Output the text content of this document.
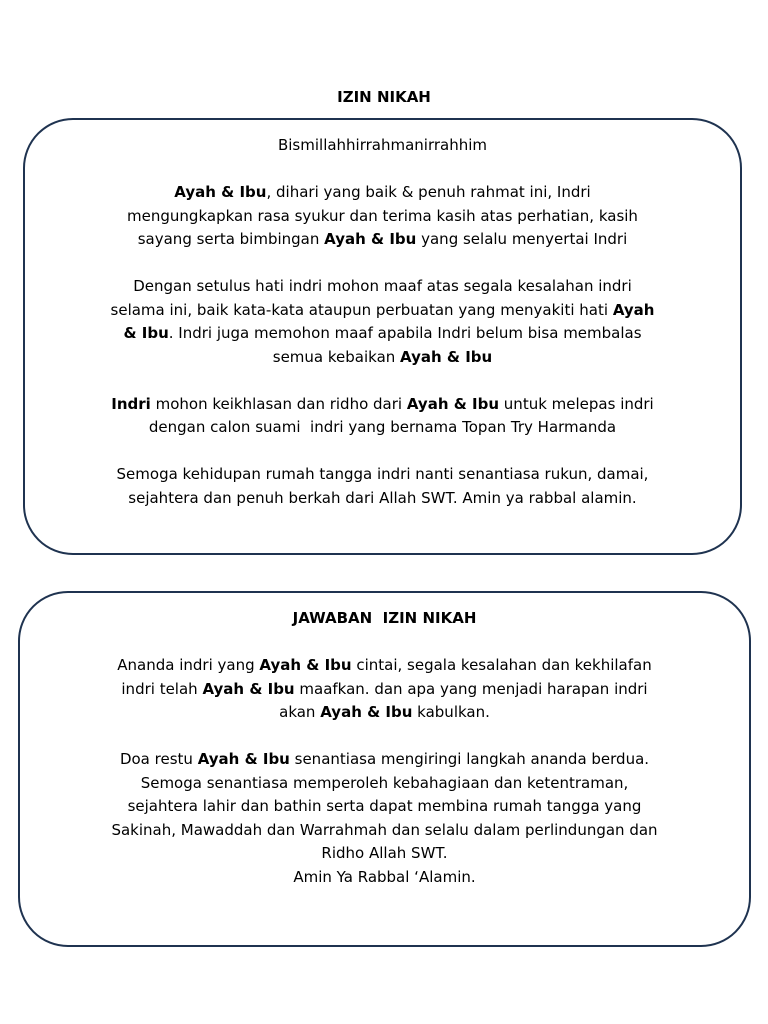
IZIN NIKAH

Bismillahhirrahmanirrahhim

Ayah & Ibu, dihari yang baik & penuh rahmat ini, Indri
mengungkapkan rasa syukur dan terima kasih atas perhatian, kasih
sayang serta bimbingan Ayah & Ibu yang selalu menyertai Indri

Dengan setulus hati indri mohon maaf atas segala kesalahan indri
selama ini, baik kata-kata ataupun perbuatan yang menyakiti hati Ayah
& Ibu. Indri juga memohon maaf apabila Indri belum bisa membalas
semua kebaikan Ayah & Ibu

Indri mohon keikhlasan dan ridho dari Ayah & Ibu untuk melepas indri
dengan calon suami  indri yang bernama Topan Try Harmanda

Semoga kehidupan rumah tangga indri nanti senantiasa rukun, damai,
sejahtera dan penuh berkah dari Allah SWT. Amin ya rabbal alamin.

JAWABAN  IZIN NIKAH

Ananda indri yang Ayah & Ibu cintai, segala kesalahan dan kekhilafan
indri telah Ayah & Ibu maafkan. dan apa yang menjadi harapan indri
akan Ayah & Ibu kabulkan.

Doa restu Ayah & Ibu senantiasa mengiringi langkah ananda berdua.
Semoga senantiasa memperoleh kebahagiaan dan ketentraman,
sejahtera lahir dan bathin serta dapat membina rumah tangga yang
Sakinah, Mawaddah dan Warrahmah dan selalu dalam perlindungan dan
Ridho Allah SWT.
Amin Ya Rabbal ‘Alamin.
